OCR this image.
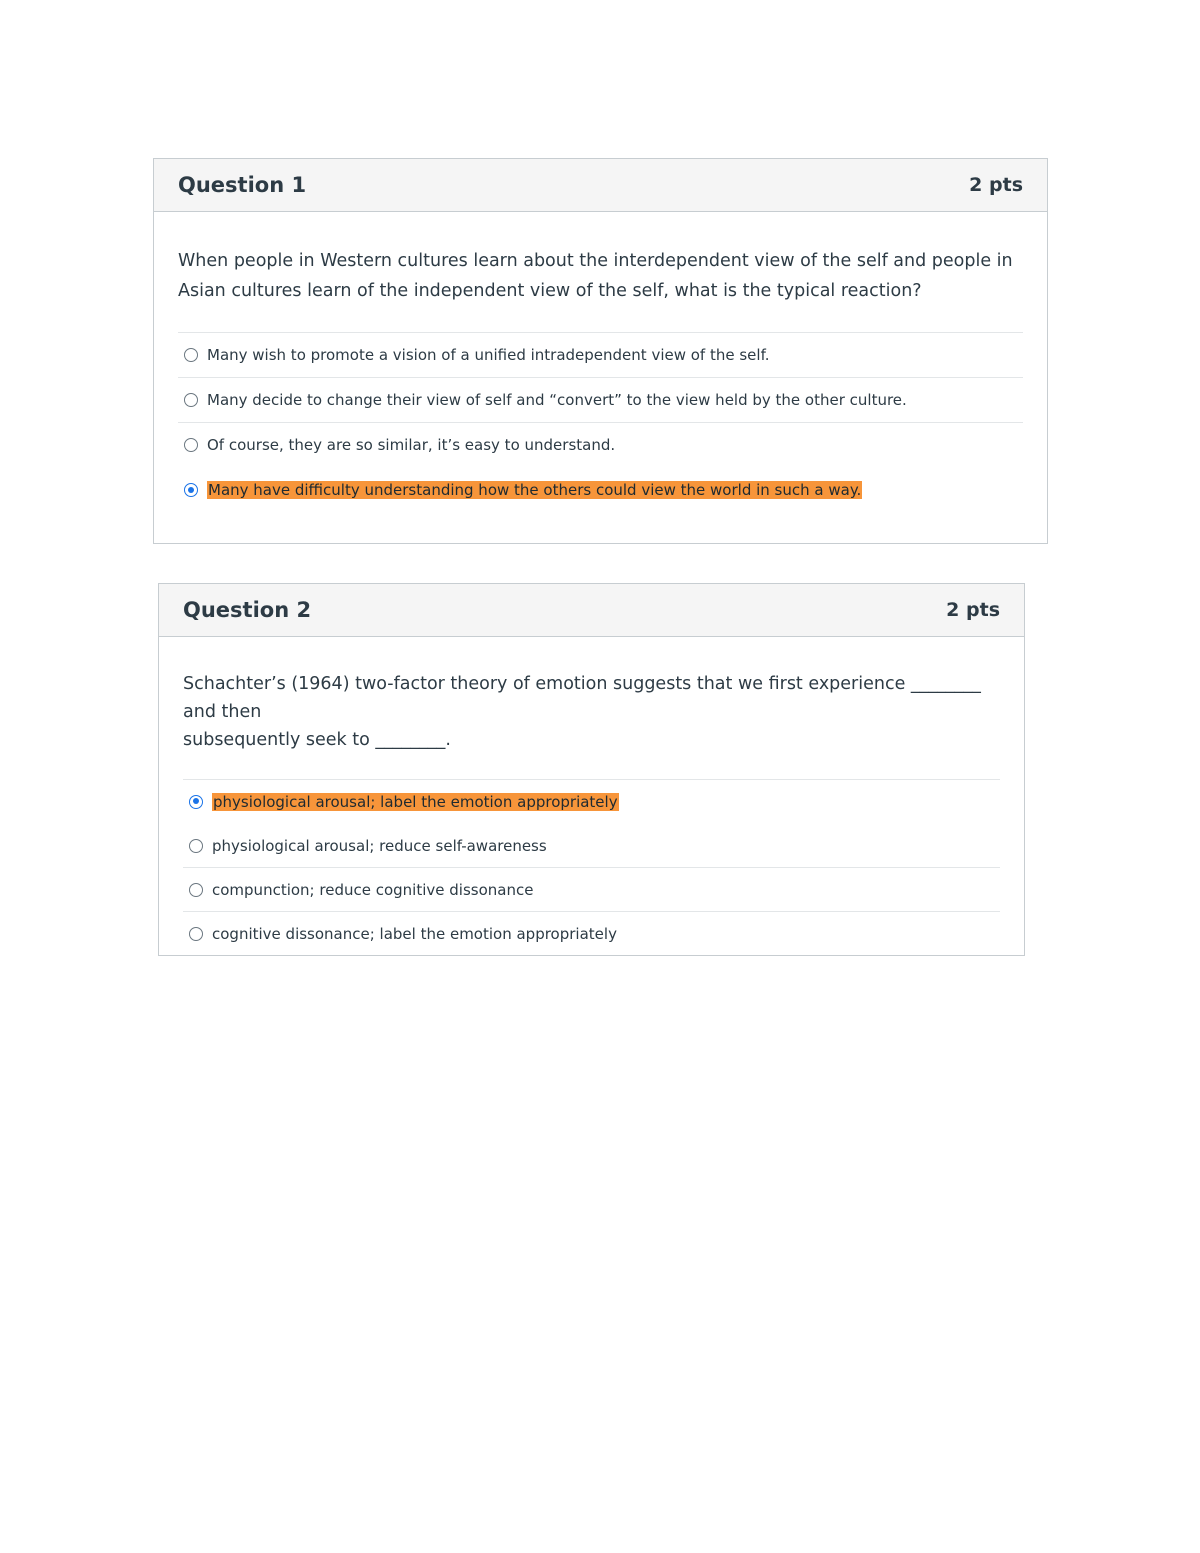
Question 1	2 pts

When people in Western cultures learn about the interdependent view of the self and people in Asian cultures learn of the independent view of the self, what is the typical reaction?

Many wish to promote a vision of a unified intradependent view of the self.
Many decide to change their view of self and “convert” to the view held by the other culture.
Of course, they are so similar, it’s easy to understand.
Many have difficulty understanding how the others could view the world in such a way.
Question 2	2 pts

Schachter’s (1964) two-factor theory of emotion suggests that we first experience ________ and then
subsequently seek to ________.

physiological arousal; label the emotion appropriately
physiological arousal; reduce self-awareness
compunction; reduce cognitive dissonance
cognitive dissonance; label the emotion appropriately
